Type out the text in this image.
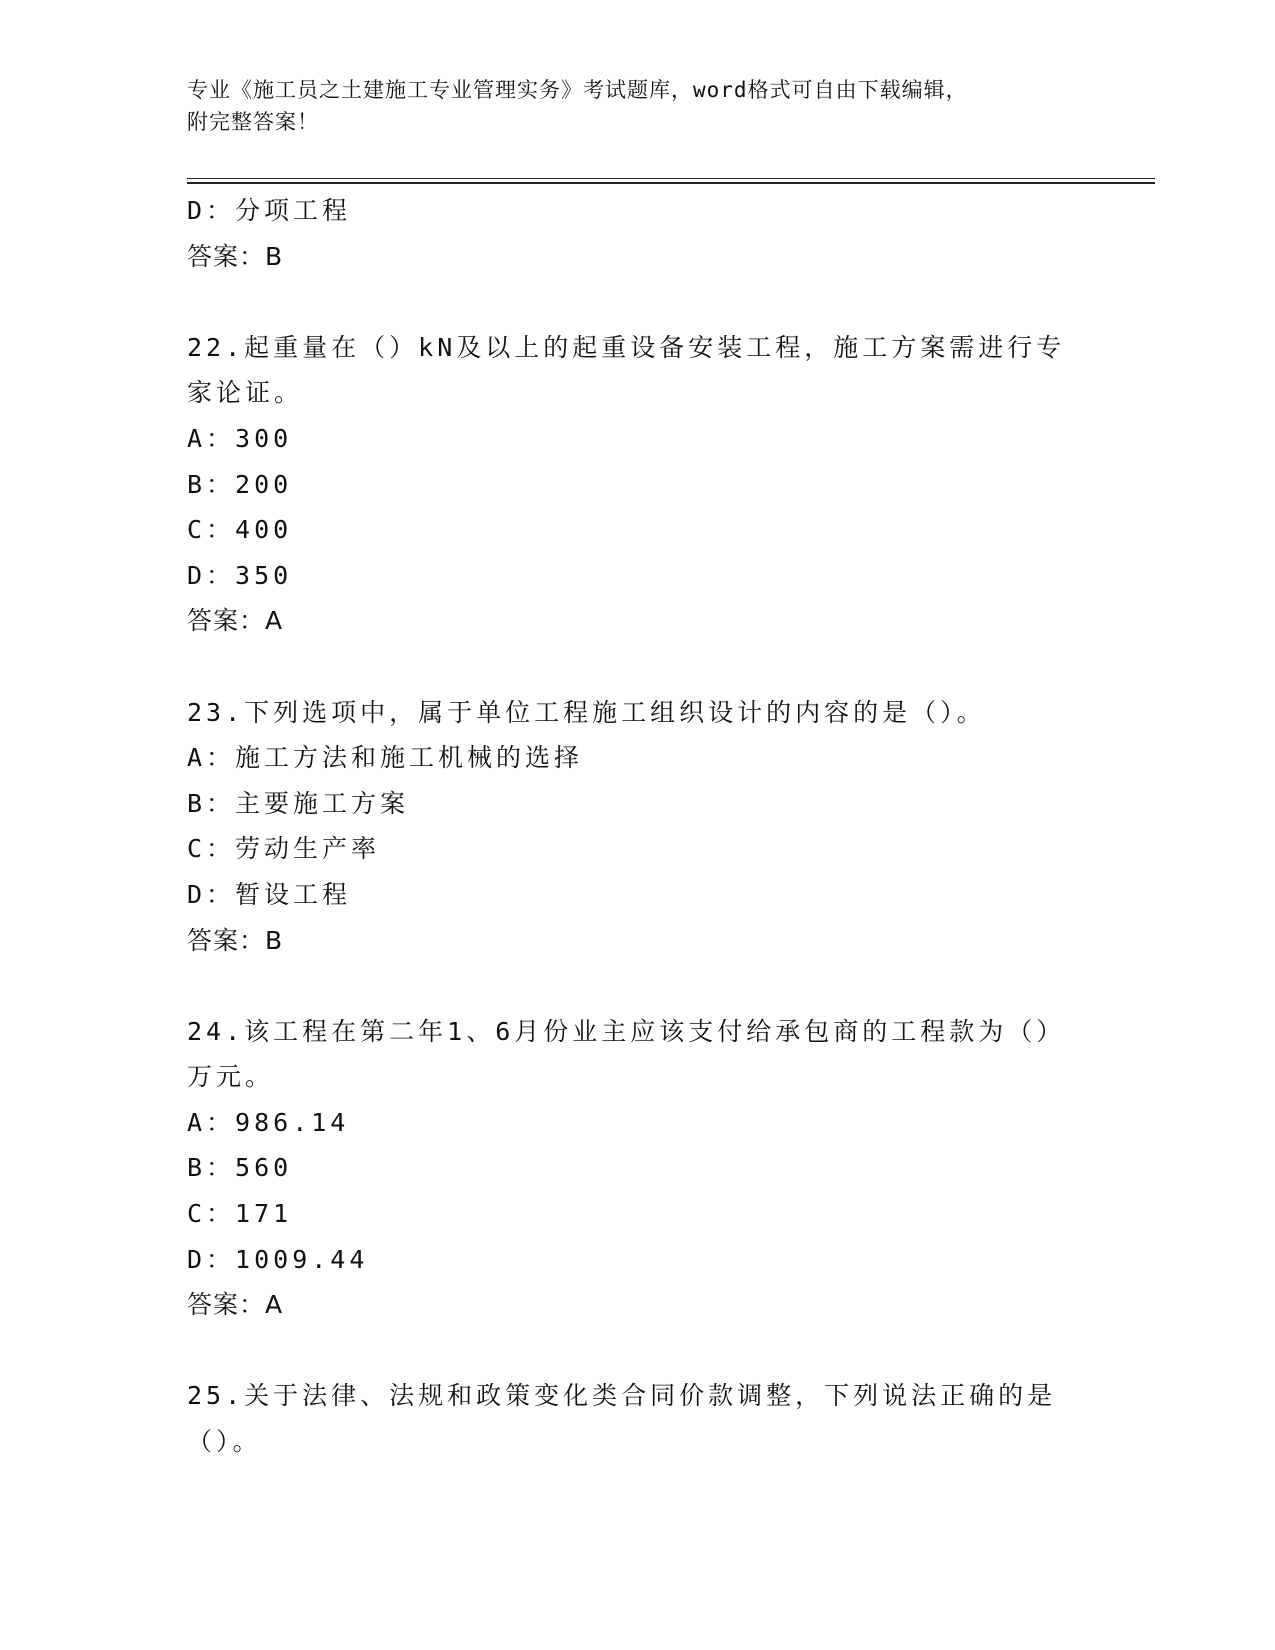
专业《施工员之土建施工专业管理实务》考试题库，word格式可自由下载编辑，
附完整答案！
D：分项工程
答案：B
22.起重量在（）kN及以上的起重设备安装工程，施工方案需进行专家论证。
A：300
B：200
C：400
D：350
答案：A
23.下列选项中，属于单位工程施工组织设计的内容的是（）。
A：施工方法和施工机械的选择
B：主要施工方案
C：劳动生产率
D：暂设工程
答案：B
24.该工程在第二年1、6月份业主应该支付给承包商的工程款为（）万元。
A：986.14
B：560
C：171
D：1009.44
答案：A
25.关于法律、法规和政策变化类合同价款调整，下列说法正确的是（）。
